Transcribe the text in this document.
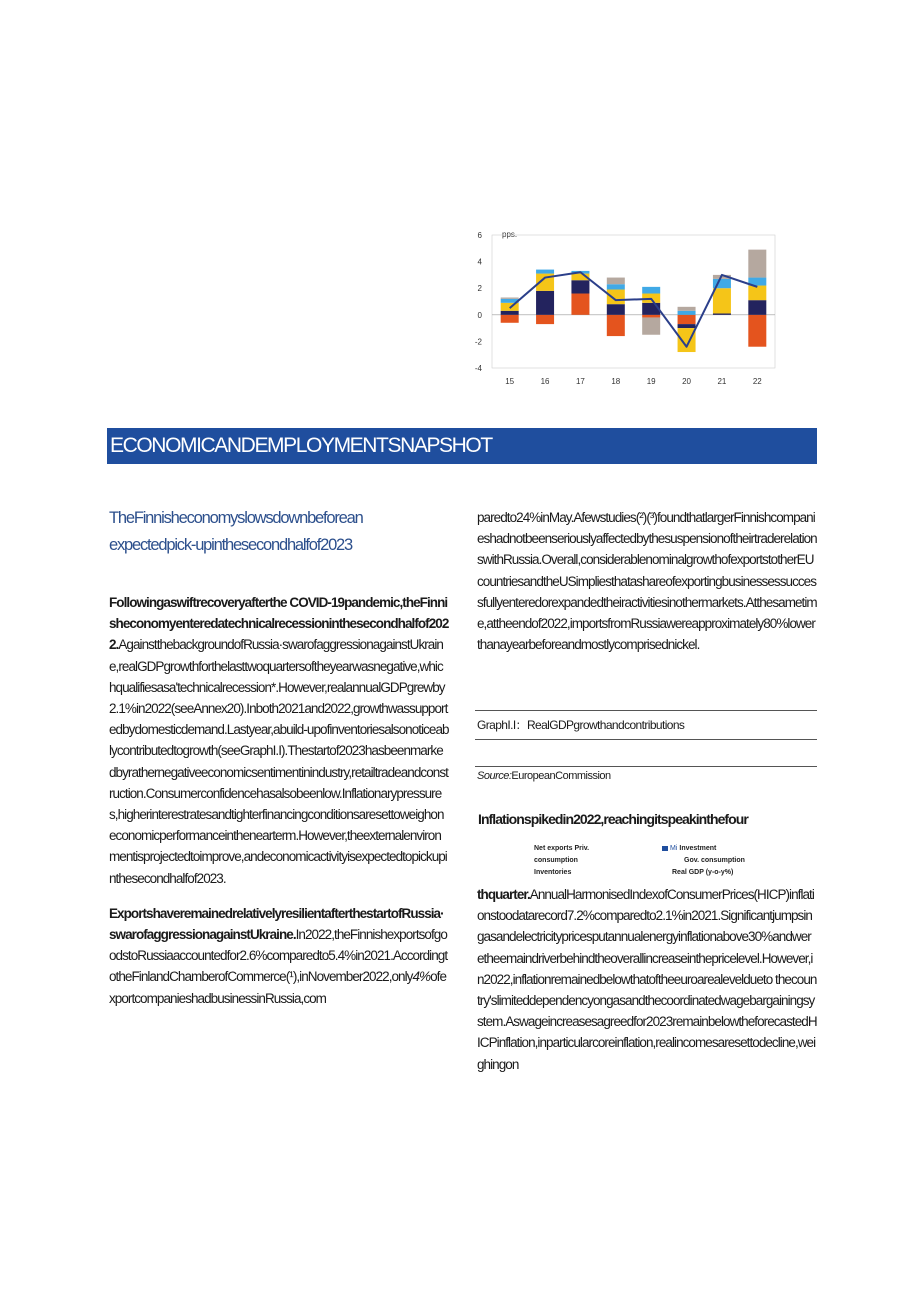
pps.
6
4
2
0
-2
-4
15	16	17	18	19	20	21	22
ECONOMICANDEMPLOYMENTSNAPSHOT
TheFinnisheconomyslowsdownbeforean
expectedpick-upinthesecondhalfof2023

Followingaswiftrecoveryafterthe COVID-19pandemic,theFinnisheconomyenteredatechnicalrecessioninthesecondhalfof2022.AgainstthebackgroundofRussia·swarofaggressionagainstUkraine,realGDPgrowthforthelasttwoquartersoftheyearwasnegative,whichqualifiesasa'technicalrecession*.However,realannualGDPgrewby2.1%in2022(seeAnnex20).Inboth2021and2022,growthwassupportedbydomesticdemand.Lastyear,abuild-upofinventoriesalsonoticeablycontributedtogrowth(seeGraphI.I).Thestartof2023hasbeenmarkedbyrathernegativeeconomicsentimentinindustry,retailtradeandconstruction.Consumerconfidencehasalsobeenlow.Inflationarypressures,higherinterestratesandtighterfinancingconditionsaresettoweighoneconomicperformanceinthenearterm.However,theexternalenvironmentisprojectedtoimprove,andeconomicactivityisexpectedtopickupinthesecondhalfof2023.

ExportshaveremainedrelativelyresilientafterthestartofRussia·swarofaggressionagainstUkraine.In2022,theFinnishexportsofgoodstoRussiaaccountedfor2.6%comparedto5.4%in2021.AccordingtotheFinlandChamberofCommerce(¹),inNovember2022,only4%ofexportcompanieshadbusinessinRussia,com

paredto24%inMay.Afewstudies(²)(³)foundthatlargerFinnishcompanieshadnotbeenseriouslyaffectedbythesuspensionoftheirtraderelationswithRussia.Overall,considerablenominalgrowthofexportstotherEUcountriesandtheUSimpliesthatashareofexportingbusinessessuccessfullyenteredorexpandedtheiractivitiesinothermarkets.Atthesametime,attheendof2022,importsfromRussiawereapproximately80%lowerthanayearbeforeandmostlycomprisednickel.

GraphI.I：RealGDPgrowthandcontributions
Source:EuropeanCommission
Inflationspikedin2022,reachingitspeakinthefour
Net exports Priv.
consumption
Inventories
Mi Investment
Gov. consumption
Real GDP (y-o-y%)

thquarter.AnnualHarmonisedIndexofConsumerPrices(HICP)inflationstoodatarecord7.2%comparedto2.1%in2021.Significantjumpsingasandelectricitypricesputannualenergyinflationabove30%andweretheemaindriverbehindtheoverallincreaseinthepricelevel.However,in2022,inflationremainedbelowthatoftheeuroarealeveldueto thecountry'slimiteddependencyongasandthecoordinatedwagebargainingsystem.Aswageincreasesagreedfor2023remainbelowtheforecastedHICPinflation,inparticularcoreinflation,realincomesaresettodecline,weighingon
